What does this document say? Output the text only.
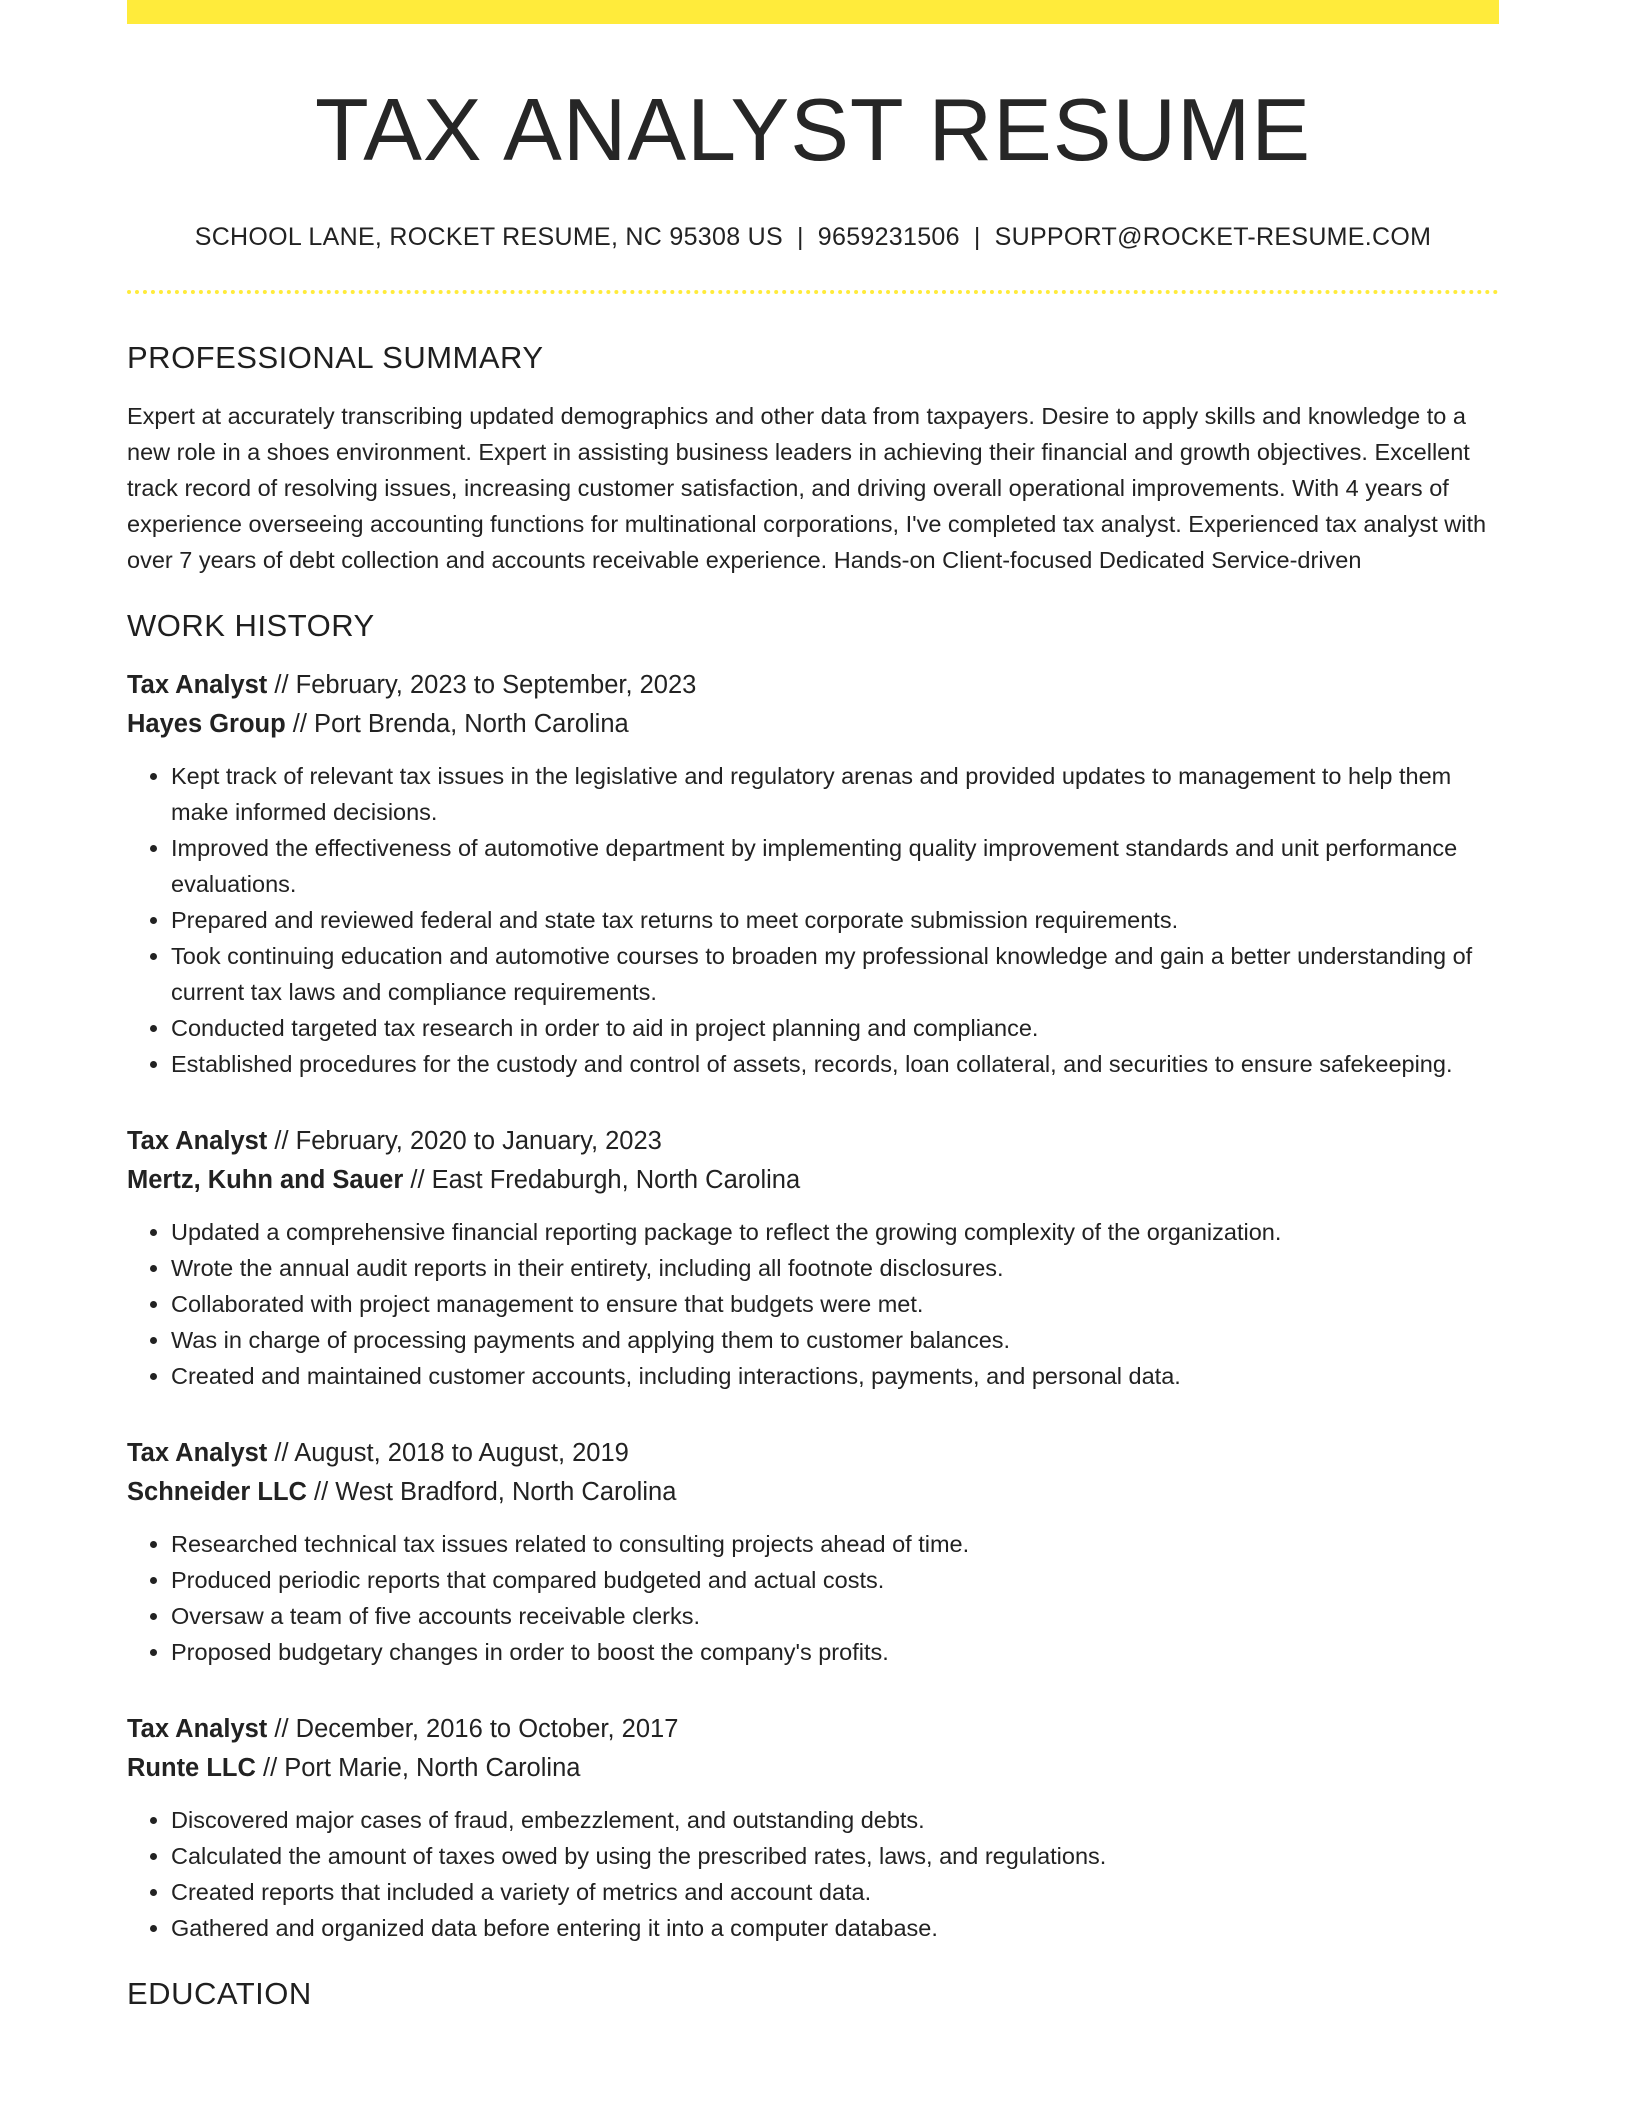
TAX ANALYST RESUME
SCHOOL LANE, ROCKET RESUME, NC 95308 US | 9659231506 | SUPPORT@ROCKET-RESUME.COM
PROFESSIONAL SUMMARY

Expert at accurately transcribing updated demographics and other data from taxpayers. Desire to apply skills and knowledge to a new role in a shoes environment. Expert in assisting business leaders in achieving their financial and growth objectives. Excellent track record of resolving issues, increasing customer satisfaction, and driving overall operational improvements. With 4 years of experience overseeing accounting functions for multinational corporations, I've completed tax analyst. Experienced tax analyst with over 7 years of debt collection and accounts receivable experience. Hands-on Client-focused Dedicated Service-driven

WORK HISTORY
Tax Analyst // February, 2023 to September, 2023
Hayes Group // Port Brenda, North Carolina
• Kept track of relevant tax issues in the legislative and regulatory arenas and provided updates to management to help them make informed decisions.
• Improved the effectiveness of automotive department by implementing quality improvement standards and unit performance evaluations.
• Prepared and reviewed federal and state tax returns to meet corporate submission requirements.
• Took continuing education and automotive courses to broaden my professional knowledge and gain a better understanding of current tax laws and compliance requirements.
• Conducted targeted tax research in order to aid in project planning and compliance.
• Established procedures for the custody and control of assets, records, loan collateral, and securities to ensure safekeeping.
Tax Analyst // February, 2020 to January, 2023
Mertz, Kuhn and Sauer // East Fredaburgh, North Carolina
• Updated a comprehensive financial reporting package to reflect the growing complexity of the organization.
• Wrote the annual audit reports in their entirety, including all footnote disclosures.
• Collaborated with project management to ensure that budgets were met.
• Was in charge of processing payments and applying them to customer balances.
• Created and maintained customer accounts, including interactions, payments, and personal data.
Tax Analyst // August, 2018 to August, 2019
Schneider LLC // West Bradford, North Carolina
• Researched technical tax issues related to consulting projects ahead of time.
• Produced periodic reports that compared budgeted and actual costs.
• Oversaw a team of five accounts receivable clerks.
• Proposed budgetary changes in order to boost the company's profits.
Tax Analyst // December, 2016 to October, 2017
Runte LLC // Port Marie, North Carolina
• Discovered major cases of fraud, embezzlement, and outstanding debts.
• Calculated the amount of taxes owed by using the prescribed rates, laws, and regulations.
• Created reports that included a variety of metrics and account data.
• Gathered and organized data before entering it into a computer database.
EDUCATION
